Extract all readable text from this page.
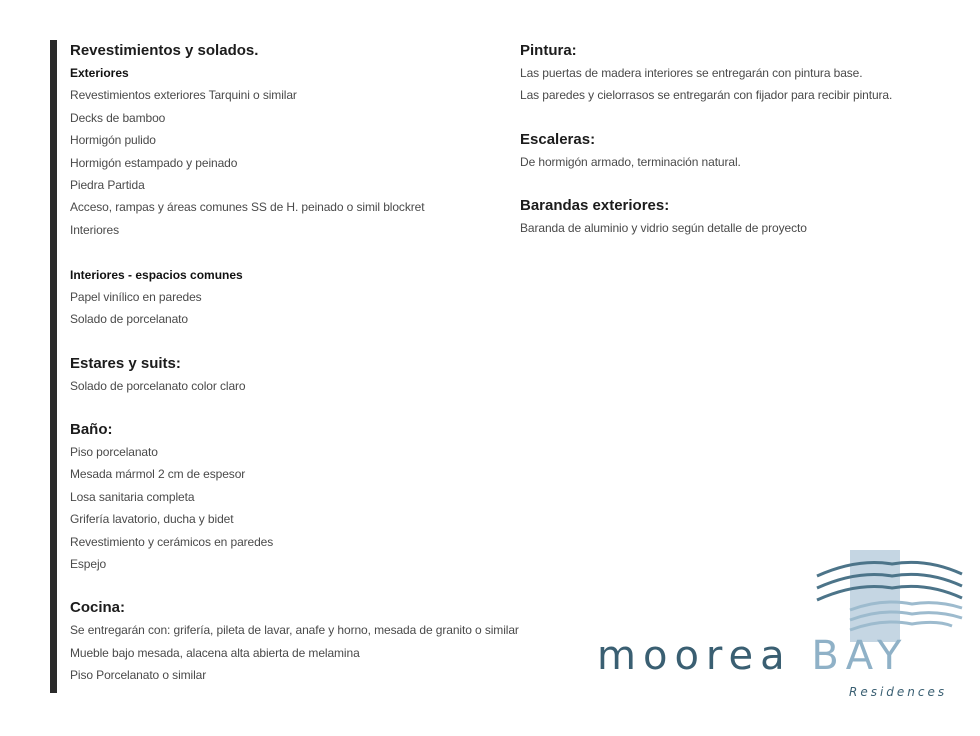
Revestimientos y solados.
Exteriores
Revestimientos exteriores Tarquini o similar
Decks de bamboo
Hormigón pulido
Hormigón estampado y peinado
Piedra Partida
Acceso, rampas y áreas comunes SS de H. peinado o simil blockret
Interiores
Interiores - espacios comunes
Papel vinílico en paredes
Solado de porcelanato
Estares y suits:
Solado de porcelanato color claro
Baño:
Piso porcelanato
Mesada mármol 2 cm de espesor
Losa sanitaria completa
Grifería lavatorio, ducha y bidet
Revestimiento y cerámicos en paredes
Espejo
Cocina:
Se entregarán con: grifería, pileta de lavar, anafe y horno, mesada de granito o similar
Mueble bajo mesada, alacena alta abierta de melamina
Piso Porcelanato o similar
Pintura:
Las puertas de madera interiores se entregarán con pintura base.
Las paredes y cielorrasos se entregarán con fijador para recibir pintura.
Escaleras:
De hormigón armado, terminación natural.
Barandas exteriores:
Baranda de aluminio y vidrio según detalle de proyecto
moorea BAY
Residences
